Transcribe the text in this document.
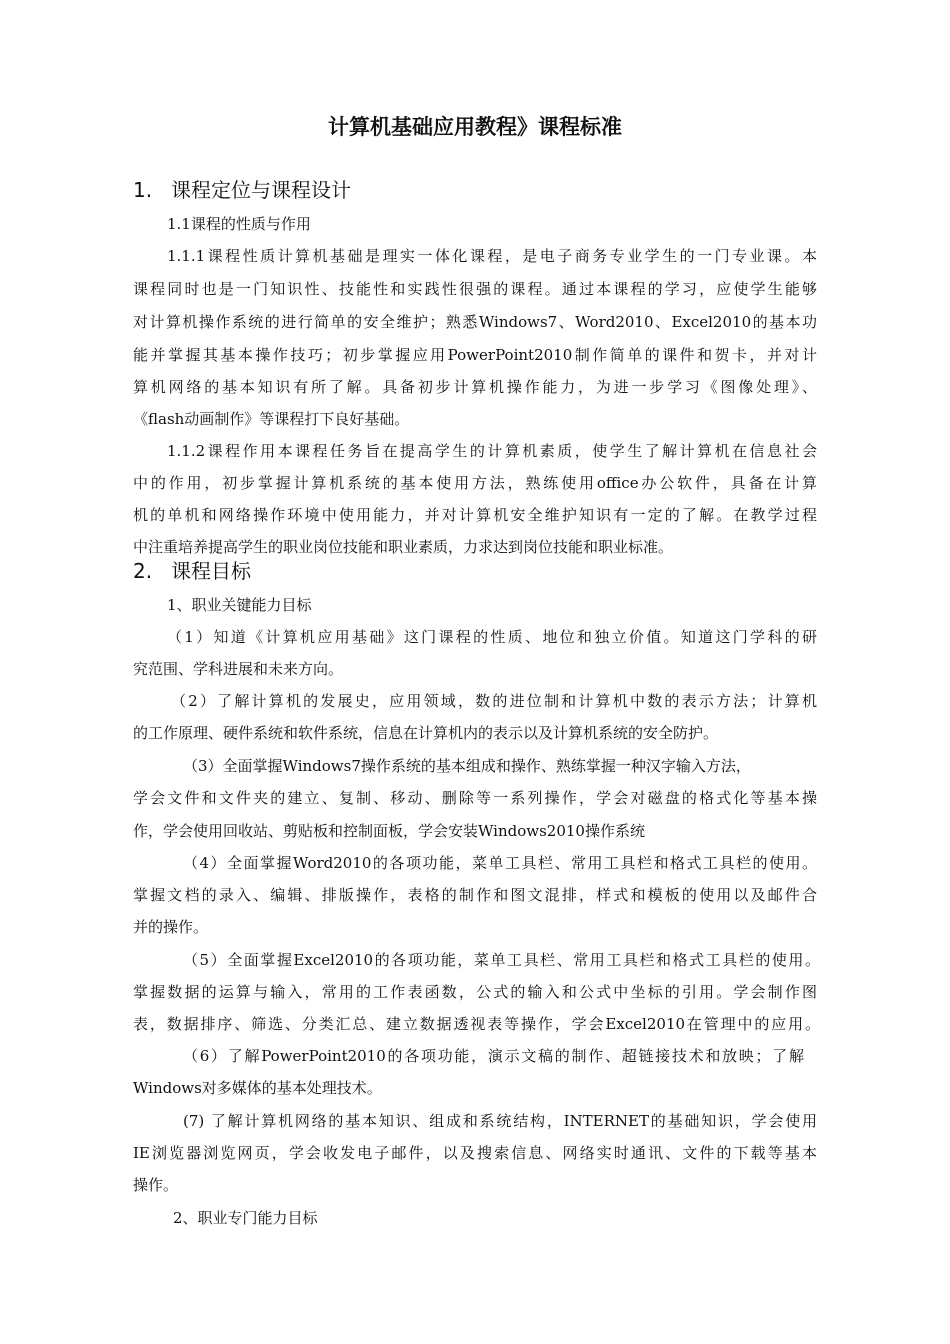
计算机基础应用教程》课程标准
1. 课程定位与课程设计
1.1课程的性质与作用
1.1.1课程性质计算机基础是理实一体化课程，是电子商务专业学生的一门专业课。本
课程同时也是一门知识性、技能性和实践性很强的课程。通过本课程的学习，应使学生能够
对计算机操作系统的进行简单的安全维护；熟悉Windows7、Word2010、Excel2010的基本功
能并掌握其基本操作技巧；初步掌握应用PowerPoint2010制作简单的课件和贺卡，并对计
算机网络的基本知识有所了解。具备初步计算机操作能力，为进一步学习《图像处理》、
《flash动画制作》等课程打下良好基础。
1.1.2课程作用本课程任务旨在提高学生的计算机素质，使学生了解计算机在信息社会
中的作用，初步掌握计算机系统的基本使用方法，熟练使用office办公软件，具备在计算
机的单机和网络操作环境中使用能力，并对计算机安全维护知识有一定的了解。在教学过程
中注重培养提高学生的职业岗位技能和职业素质，力求达到岗位技能和职业标准。
2. 课程目标
1、职业关键能力目标
（1）知道《计算机应用基础》这门课程的性质、地位和独立价值。知道这门学科的研
究范围、学科进展和未来方向。
（2）了解计算机的发展史，应用领域，数的进位制和计算机中数的表示方法；计算机
的工作原理、硬件系统和软件系统，信息在计算机内的表示以及计算机系统的安全防护。
（3）全面掌握Windows7操作系统的基本组成和操作、熟练掌握一种汉字输入方法，
学会文件和文件夹的建立、复制、移动、删除等一系列操作，学会对磁盘的格式化等基本操
作，学会使用回收站、剪贴板和控制面板，学会安装Windows2010操作系统
（4）全面掌握Word2010的各项功能，菜单工具栏、常用工具栏和格式工具栏的使用。
掌握文档的录入、编辑、排版操作，表格的制作和图文混排，样式和模板的使用以及邮件合
并的操作。
（5）全面掌握Excel2010的各项功能，菜单工具栏、常用工具栏和格式工具栏的使用。
掌握数据的运算与输入，常用的工作表函数，公式的输入和公式中坐标的引用。学会制作图
表，数据排序、筛选、分类汇总、建立数据透视表等操作，学会Excel2010在管理中的应用。
（6）了解PowerPoint2010的各项功能，演示文稿的制作、超链接技术和放映；了解
Windows对多媒体的基本处理技术。
(7) 了解计算机网络的基本知识、组成和系统结构，INTERNET的基础知识，学会使用
IE浏览器浏览网页，学会收发电子邮件，以及搜索信息、网络实时通讯、文件的下载等基本
操作。
2、职业专门能力目标
